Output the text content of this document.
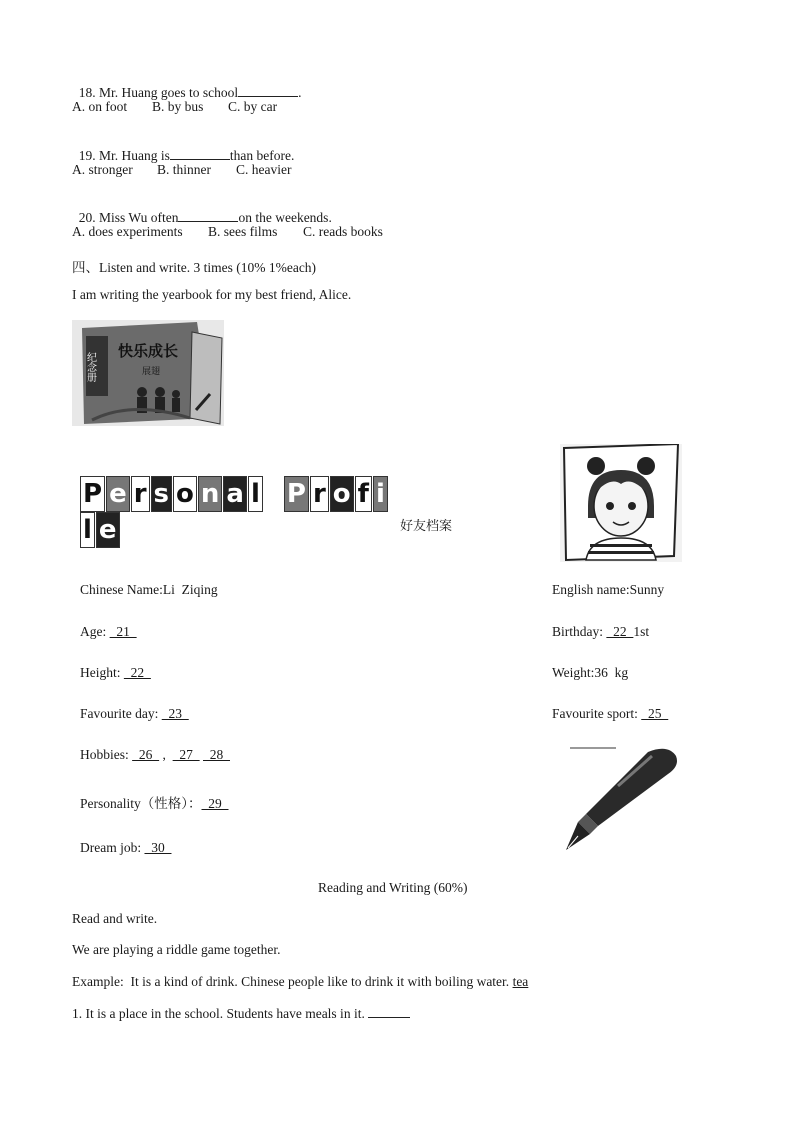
18. Mr. Huang goes to school	.

A. on foot B. by bus C. by car

19. Mr. Huang is	than before.

A. stronger B. thinner C. heavier

20. Miss Wu often	on the weekends.

A. does experiments B. sees films C. reads books
四、Listen and write. 3 times (10% 1%each)
I am writing the yearbook for my best friend, Alice.
纪念册
快乐成长
展翅
P e r s o n a l P r o f il e	好友档案
Chinese Name:Li  Ziqing	English name:Sunny
Age:   21	Birthday:   22  1st
Height:   22	Weight:36  kg
Favourite day:   23	Favourite sport:   25
Hobbies:   26   ,    27     28
Personality（性格）：  29
Dream job:   30
Reading and Writing (60%)
Read and write.
We are playing a riddle game together.
Example:  It is a kind of drink. Chinese people like to drink it with boiling water. tea
1. It is a place in the school. Students have meals in it.
